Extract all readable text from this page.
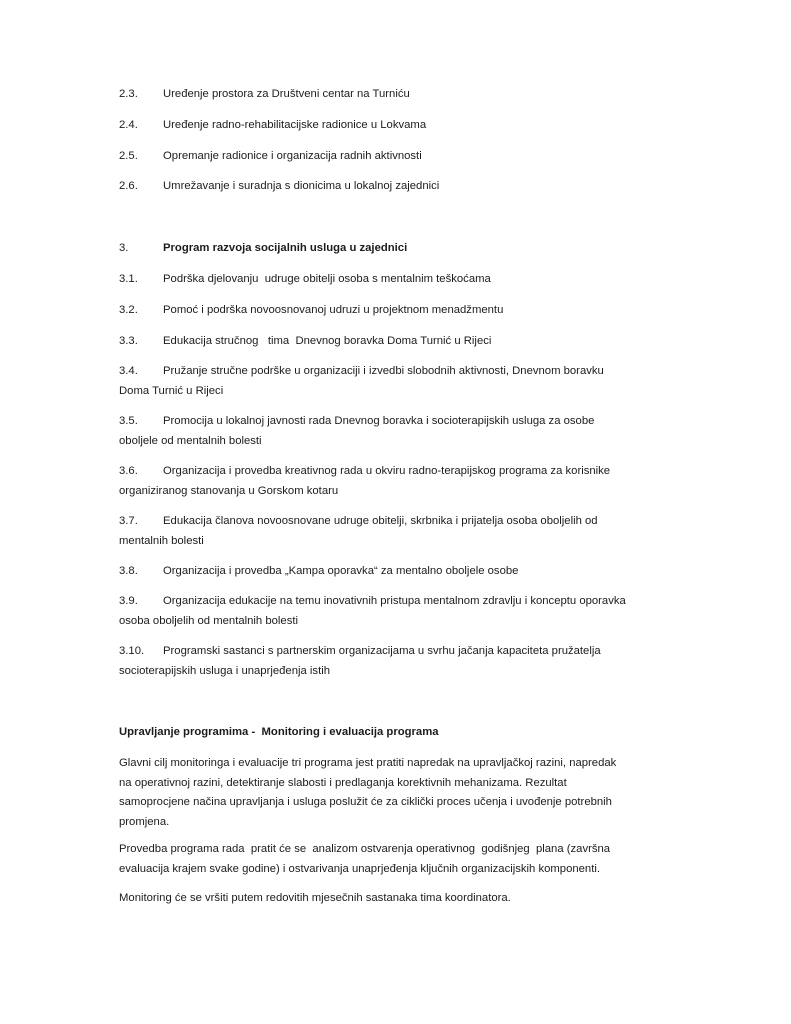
2.3. Uređenje prostora za Društveni centar na Turniću
2.4. Uređenje radno-rehabilitacijske radionice u Lokvama
2.5. Opremanje radionice i organizacija radnih aktivnosti
2.6. Umrežavanje i suradnja s dionicima u lokalnoj zajednici
3.	Program razvoja socijalnih usluga u zajednici
3.1. Podrška djelovanju  udruge obitelji osoba s mentalnim teškoćama
3.2. Pomoć i podrška novoosnovanoj udruzi u projektnom menadžmentu
3.3. Edukacija stručnog   tima  Dnevnog boravka Doma Turnić u Rijeci
3.4. Pružanje stručne podrške u organizaciji i izvedbi slobodnih aktivnosti, Dnevnom boravku
Doma Turnić u Rijeci
3.5. Promocija u lokalnoj javnosti rada Dnevnog boravka i socioterapijskih usluga za osobe
oboljele od mentalnih bolesti
3.6. Organizacija i provedba kreativnog rada u okviru radno-terapijskog programa za korisnike
organiziranog stanovanja u Gorskom kotaru
3.7. Edukacija članova novoosnovane udruge obitelji, skrbnika i prijatelja osoba oboljelih od
mentalnih bolesti
3.8. Organizacija i provedba „Kampa oporavka“ za mentalno oboljele osobe
3.9. Organizacija edukacije na temu inovativnih pristupa mentalnom zdravlju i konceptu oporavka
osoba oboljelih od mentalnih bolesti
3.10. Programski sastanci s partnerskim organizacijama u svrhu jačanja kapaciteta pružatelja
socioterapijskih usluga i unaprjeđenja istih
Upravljanje programima -  Monitoring i evaluacija programa
Glavni cilj monitoringa i evaluacije tri programa jest pratiti napredak na upravljačkoj razini, napredak
na operativnoj razini, detektiranje slabosti i predlaganja korektivnih mehanizama. Rezultat
samoprocjene načina upravljanja i usluga poslužit će za ciklički proces učenja i uvođenje potrebnih
promjena.
Provedba programa rada  pratit će se  analizom ostvarenja operativnog  godišnjeg  plana (završna
evaluacija krajem svake godine) i ostvarivanja unaprjeđenja ključnih organizacijskih komponenti.
Monitoring će se vršiti putem redovitih mjesečnih sastanaka tima koordinatora.
